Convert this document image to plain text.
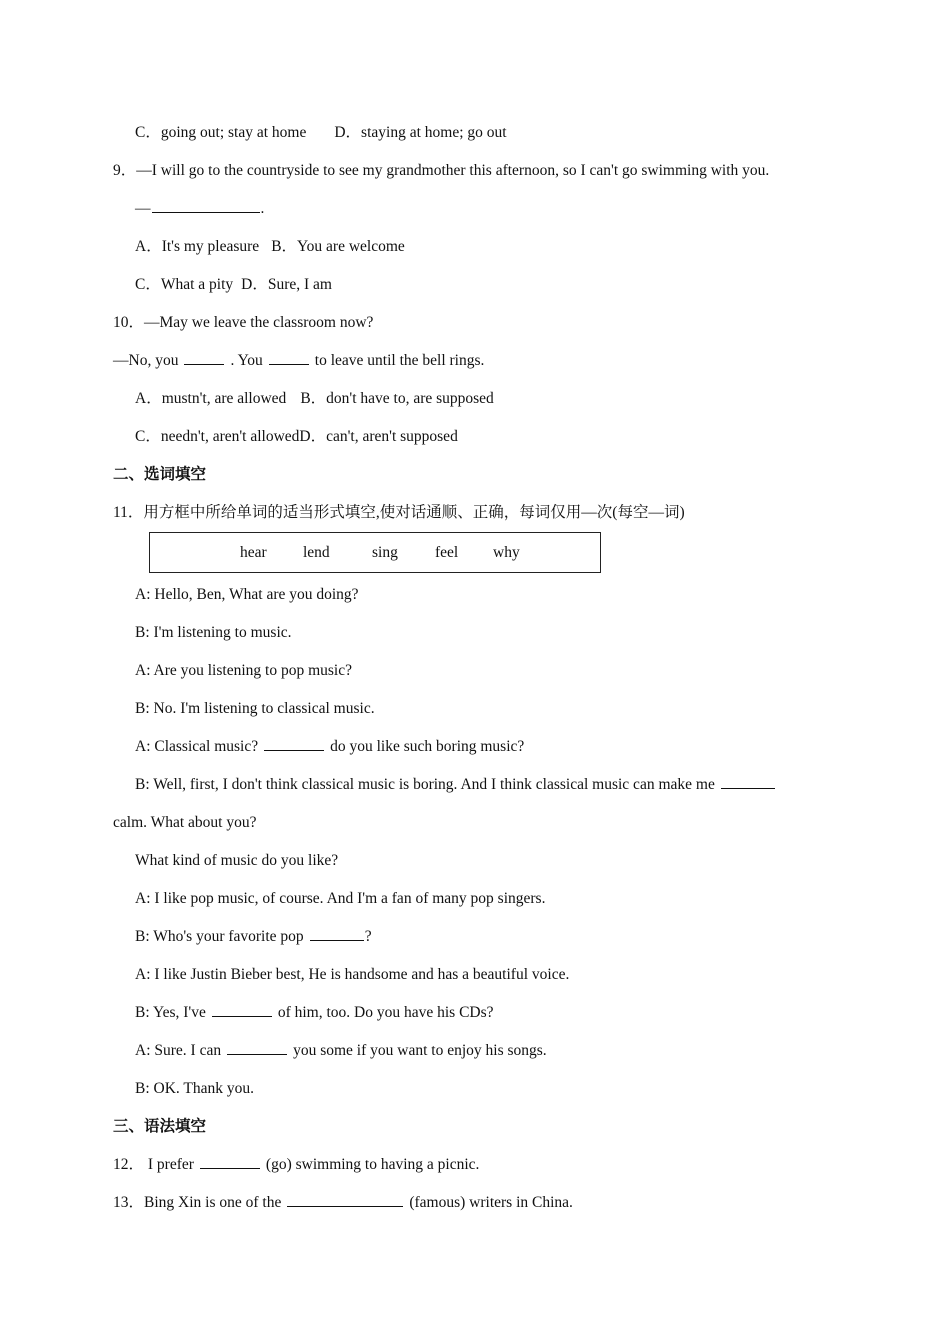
C．going out; stay at home D．staying at home; go out
9．—I will go to the countryside to see my grandmother this afternoon, so I can't go swimming with you.
—	.
A．It's my pleasure B．You are welcome
C．What a pity D．Sure, I am
10．—May we leave the classroom now?
—No, you	. You	to leave until the bell rings.
A．mustn't, are allowed B．don't have to, are supposed
C．needn't, aren't allowedD．can't, aren't supposed
二、选词填空
11．用方框中所给单词的适当形式填空,使对话通顺、正确，每词仅用—次(每空—词)
hear lend	sing feel why
A: Hello, Ben, What are you doing?
B: I'm listening to music.
A: Are you listening to pop music?
B: No. I'm listening to classical music.
A: Classical music?	do you like such boring music?
B: Well, first, I don't think classical music is boring. And I think classical music can make me
calm. What about you?
What kind of music do you like?
A: I like pop music, of course. And I'm a fan of many pop singers.
B: Who's your favorite pop	?
A: I like Justin Bieber best, He is handsome and has a beautiful voice.
B: Yes, I've	of him, too. Do you have his CDs?
A: Sure. I can	you some if you want to enjoy his songs.
B: OK. Thank you.
三、语法填空
12． I prefer	(go) swimming to having a picnic.
13．Bing Xin is one of the	(famous) writers in China.
